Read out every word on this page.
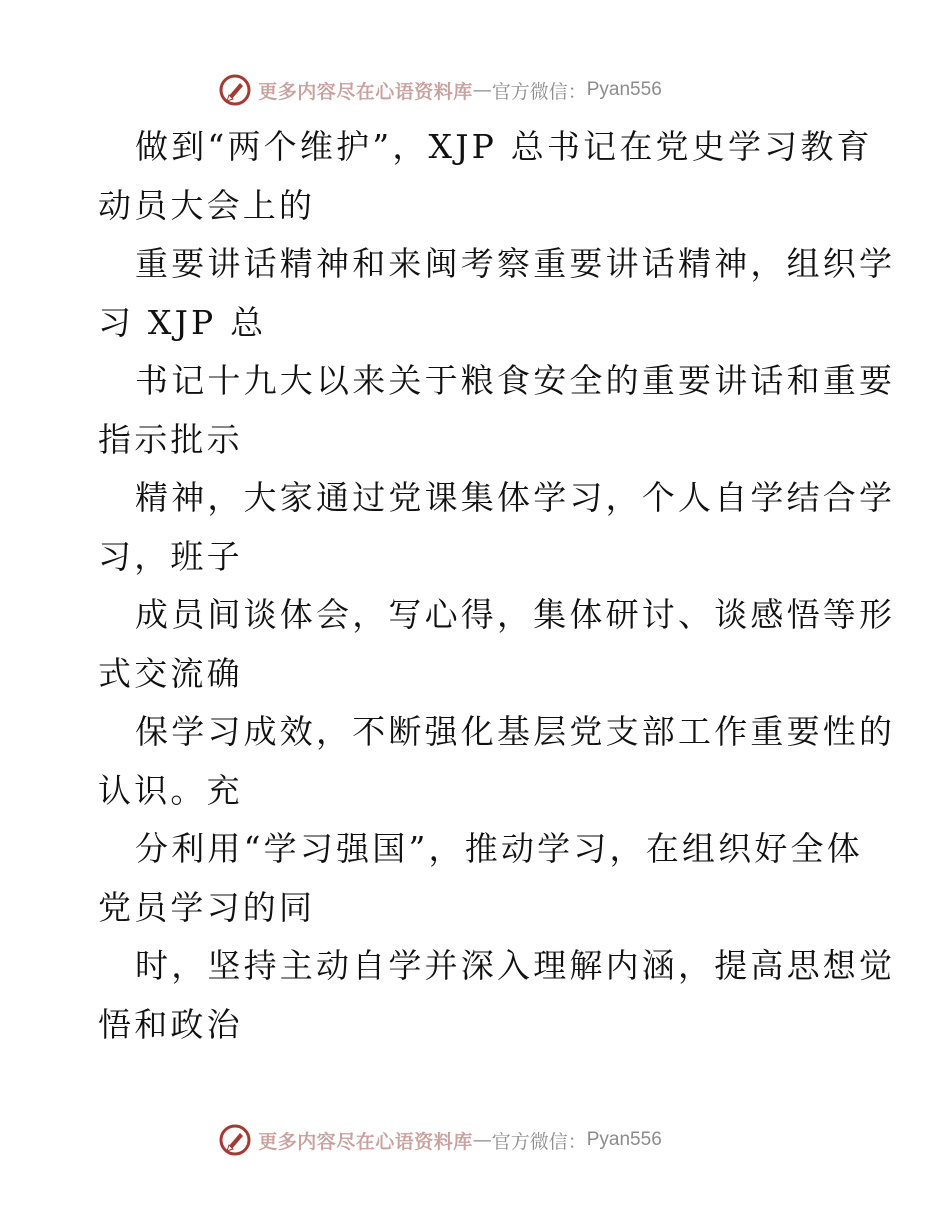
更多内容尽在心语资料库 — 官方微信： Pyan556
做到“两个维护”，XJP 总书记在党史学习教育
动员大会上的
重要讲话精神和来闽考察重要讲话精神，组织学
习 XJP 总
书记十九大以来关于粮食安全的重要讲话和重要
指示批示
精神，大家通过党课集体学习，个人自学结合学
习，班子
成员间谈体会，写心得，集体研讨、谈感悟等形
式交流确
保学习成效，不断强化基层党支部工作重要性的
认识。充
分利用“学习强国”，推动学习，在组织好全体
党员学习的同
时，坚持主动自学并深入理解内涵，提高思想觉
悟和政治
更多内容尽在心语资料库 — 官方微信： Pyan556
